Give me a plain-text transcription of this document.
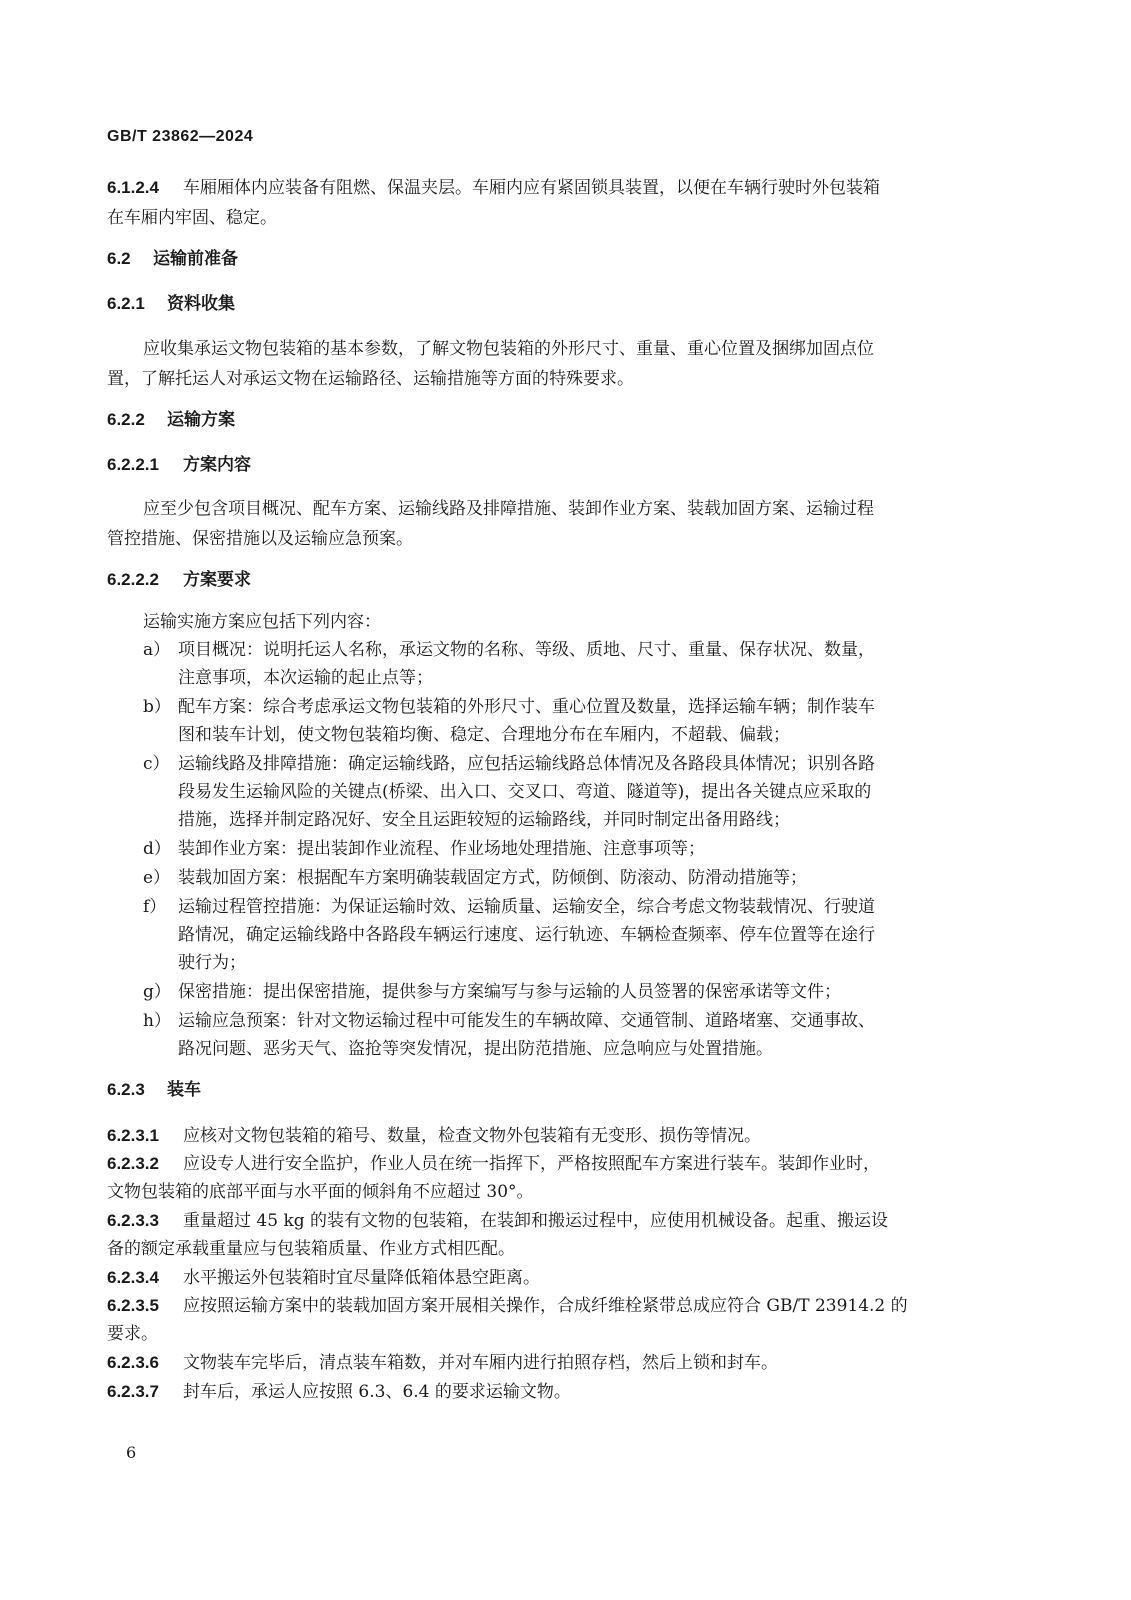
GB/T 23862—2024
6.1.2.4 车厢厢体内应装备有阻燃、保温夹层。车厢内应有紧固锁具装置，以便在车辆行驶时外包装箱
在车厢内牢固、稳定。
6.2 运输前准备
6.2.1 资料收集
应收集承运文物包装箱的基本参数，了解文物包装箱的外形尺寸、重量、重心位置及捆绑加固点位
置，了解托运人对承运文物在运输路径、运输措施等方面的特殊要求。
6.2.2 运输方案
6.2.2.1 方案内容
应至少包含项目概况、配车方案、运输线路及排障措施、装卸作业方案、装载加固方案、运输过程
管控措施、保密措施以及运输应急预案。
6.2.2.2 方案要求
运输实施方案应包括下列内容：
a） 项目概况：说明托运人名称，承运文物的名称、等级、质地、尺寸、重量、保存状况、数量，
注意事项，本次运输的起止点等；
b） 配车方案：综合考虑承运文物包装箱的外形尺寸、重心位置及数量，选择运输车辆；制作装车
图和装车计划，使文物包装箱均衡、稳定、合理地分布在车厢内，不超载、偏载；
c） 运输线路及排障措施：确定运输线路，应包括运输线路总体情况及各路段具体情况；识别各路
段易发生运输风险的关键点(桥梁、出入口、交叉口、弯道、隧道等)，提出各关键点应采取的
措施，选择并制定路况好、安全且运距较短的运输路线，并同时制定出备用路线；
d） 装卸作业方案：提出装卸作业流程、作业场地处理措施、注意事项等；
e） 装载加固方案：根据配车方案明确装载固定方式，防倾倒、防滚动、防滑动措施等；
f） 运输过程管控措施：为保证运输时效、运输质量、运输安全，综合考虑文物装载情况、行驶道
路情况，确定运输线路中各路段车辆运行速度、运行轨迹、车辆检查频率、停车位置等在途行
驶行为；
g） 保密措施：提出保密措施，提供参与方案编写与参与运输的人员签署的保密承诺等文件；
h） 运输应急预案：针对文物运输过程中可能发生的车辆故障、交通管制、道路堵塞、交通事故、
路况问题、恶劣天气、盗抢等突发情况，提出防范措施、应急响应与处置措施。
6.2.3 装车
6.2.3.1 应核对文物包装箱的箱号、数量，检查文物外包装箱有无变形、损伤等情况。
6.2.3.2 应设专人进行安全监护，作业人员在统一指挥下，严格按照配车方案进行装车。装卸作业时，
文物包装箱的底部平面与水平面的倾斜角不应超过 30°。
6.2.3.3 重量超过 45 kg 的装有文物的包装箱，在装卸和搬运过程中，应使用机械设备。起重、搬运设
备的额定承载重量应与包装箱质量、作业方式相匹配。
6.2.3.4 水平搬运外包装箱时宜尽量降低箱体悬空距离。
6.2.3.5 应按照运输方案中的装载加固方案开展相关操作，合成纤维栓紧带总成应符合 GB/T 23914.2 的
要求。
6.2.3.6 文物装车完毕后，清点装车箱数，并对车厢内进行拍照存档，然后上锁和封车。
6.2.3.7 封车后，承运人应按照 6.3、6.4 的要求运输文物。
6
